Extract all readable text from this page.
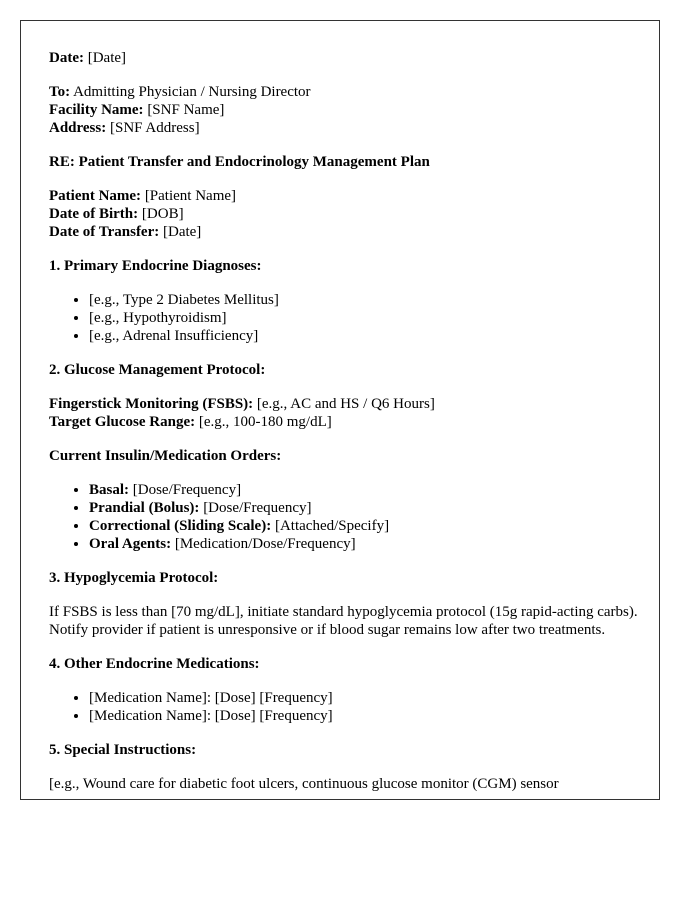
Date: [Date]

To: Admitting Physician / Nursing Director

Facility Name: [SNF Name]

Address: [SNF Address]

RE: Patient Transfer and Endocrinology Management Plan

Patient Name: [Patient Name]

Date of Birth: [DOB]

Date of Transfer: [Date]

1. Primary Endocrine Diagnoses:
• [e.g., Type 2 Diabetes Mellitus]
• [e.g., Hypothyroidism]
• [e.g., Adrenal Insufficiency]
2. Glucose Management Protocol:

Fingerstick Monitoring (FSBS): [e.g., AC and HS / Q6 Hours]

Target Glucose Range: [e.g., 100-180 mg/dL]

Current Insulin/Medication Orders:
• Basal: [Dose/Frequency]
• Prandial (Bolus): [Dose/Frequency]
• Correctional (Sliding Scale): [Attached/Specify]
• Oral Agents: [Medication/Dose/Frequency]
3. Hypoglycemia Protocol:

If FSBS is less than [70 mg/dL], initiate standard hypoglycemia protocol (15g rapid-acting carbs). Notify provider if patient is unresponsive or if blood sugar remains low after two treatments.

4. Other Endocrine Medications:
• [Medication Name]: [Dose] [Frequency]
• [Medication Name]: [Dose] [Frequency]
5. Special Instructions:

[e.g., Wound care for diabetic foot ulcers, continuous glucose monitor (CGM) sensor
